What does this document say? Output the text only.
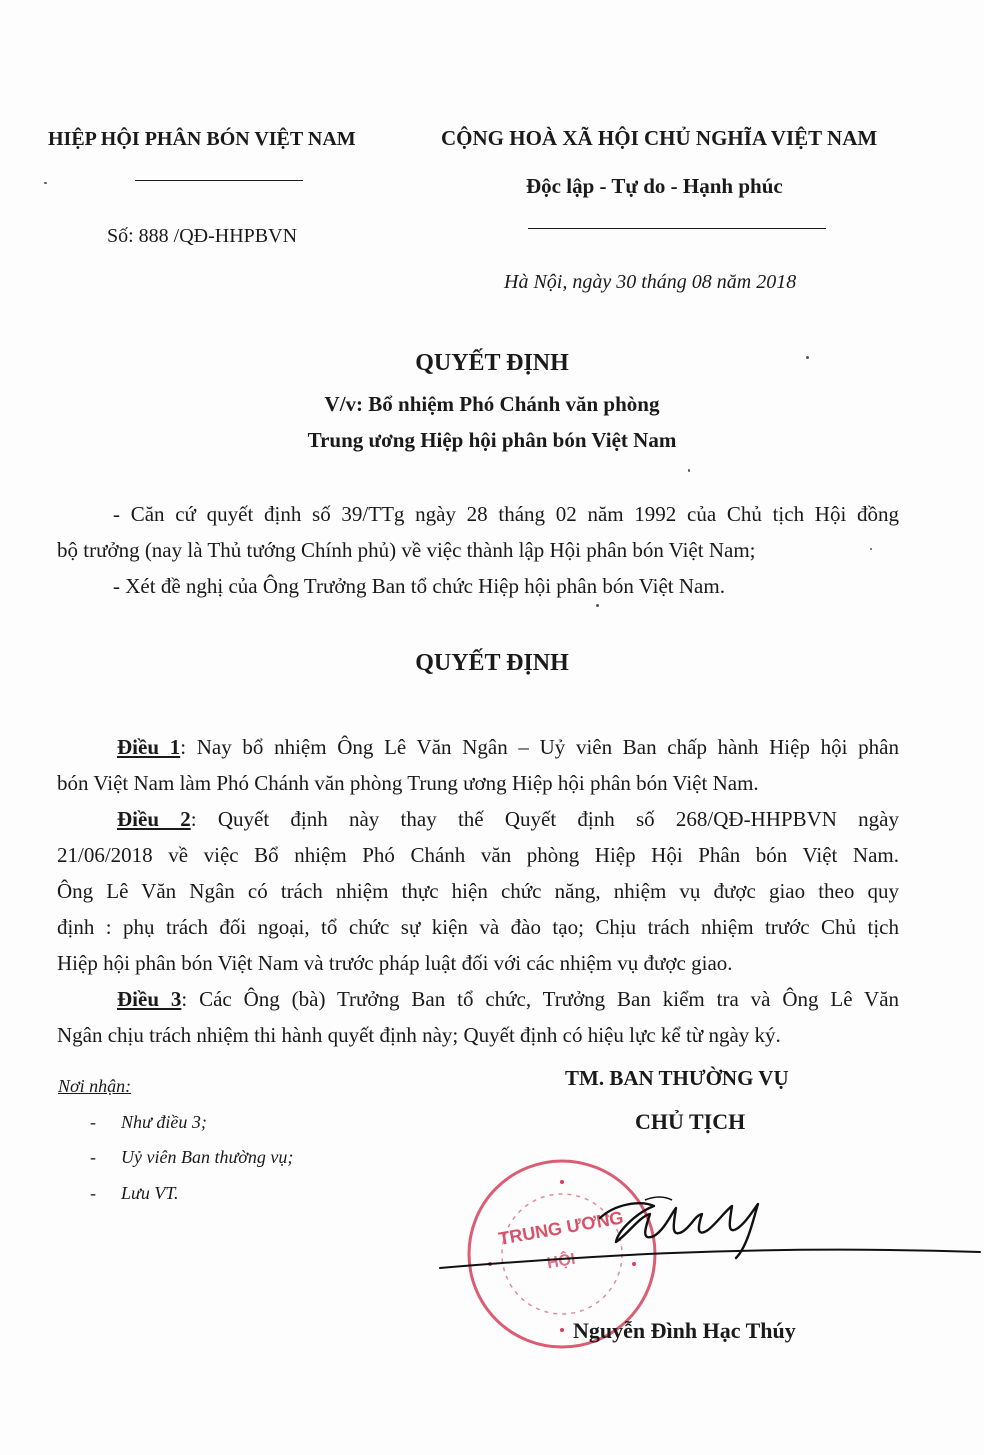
HIỆP HỘI PHÂN BÓN VIỆT NAM
Số: 888 /QĐ-HHPBVN
CỘNG HOÀ XÃ HỘI CHỦ NGHĨA VIỆT NAM
Độc lập - Tự do - Hạnh phúc
Hà Nội, ngày 30 tháng 08 năm 2018
QUYẾT ĐỊNH
V/v: Bổ nhiệm Phó Chánh văn phòng
Trung ương Hiệp hội phân bón Việt Nam
- Căn cứ quyết định số 39/TTg ngày 28 tháng 02 năm 1992 của Chủ tịch Hội đồng
bộ trưởng (nay là Thủ tướng Chính phủ) về việc thành lập Hội phân bón Việt Nam;
- Xét đề nghị của Ông Trưởng Ban tổ chức Hiệp hội phân bón Việt Nam.
QUYẾT ĐỊNH
Điều 1: Nay bổ nhiệm Ông Lê Văn Ngân – Uỷ viên Ban chấp hành Hiệp hội phân
bón Việt Nam làm Phó Chánh văn phòng Trung ương Hiệp hội phân bón Việt Nam.
Điều 2: Quyết định này thay thế Quyết định số 268/QĐ-HHPBVN ngày
21/06/2018 về việc Bổ nhiệm Phó Chánh văn phòng Hiệp Hội Phân bón Việt Nam.
Ông Lê Văn Ngân có trách nhiệm thực hiện chức năng, nhiệm vụ được giao theo quy
định : phụ trách đối ngoại, tổ chức sự kiện và đào tạo; Chịu trách nhiệm trước Chủ tịch
Hiệp hội phân bón Việt Nam và trước pháp luật đối với các nhiệm vụ được giao.
Điều 3: Các Ông (bà) Trưởng Ban tổ chức, Trưởng Ban kiểm tra và Ông Lê Văn
Ngân chịu trách nhiệm thi hành quyết định này; Quyết định có hiệu lực kể từ ngày ký.
Nơi nhận:
- Như điều 3;
- Uỷ viên Ban thường vụ;
- Lưu VT.
TM. BAN THƯỜNG VỤ
CHỦ TỊCH
TRUNG ƯƠNG
HỘI
Nguyễn Đình Hạc Thúy
